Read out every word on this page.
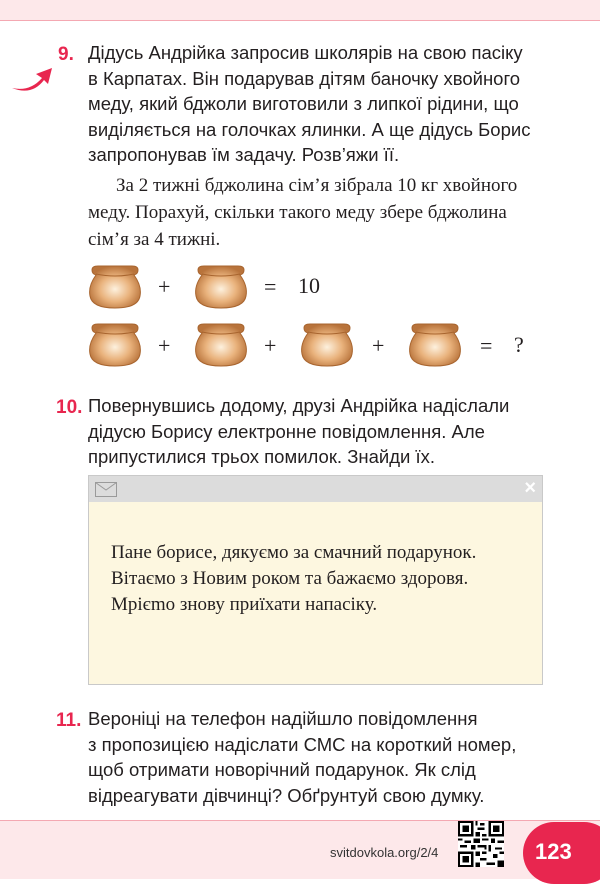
9. Дідусь Андрійка запросив школярів на свою пасіку
в Карпатах. Він подарував дітям баночку хвойного
меду, який бджоли виготовили з липкої рідини, що
виділяється на голочках ялинки. А ще дідусь Борис
запропонував їм задачу. Розв’яжи її.
За 2 тижні бджолина сім’я зібрала 10 кг хвойного
меду. Порахуй, скільки такого меду збере бджолина
сім’я за 4 тижні.
+	= 10
+	+	+	= ?
10. Повернувшись додому, друзі Андрійка надіслали
дідусю Борису електронне повідомлення. Але
припустилися трьох помилок. Знайди їх.
×
Пане борисе, дякуємо за смачний подарунок.
Вітаємо з Новим роком та бажаємо здоровя.
Мрієmo знову приїхати напасіку.
11. Вероніці на телефон надійшло повідомлення
з пропозицією надіслати СМС на короткий номер,
щоб отримати новорічний подарунок. Як слід
відреагувати дівчинці? Обґрунтуй свою думку.
svitdovkola.org/2/4	123
